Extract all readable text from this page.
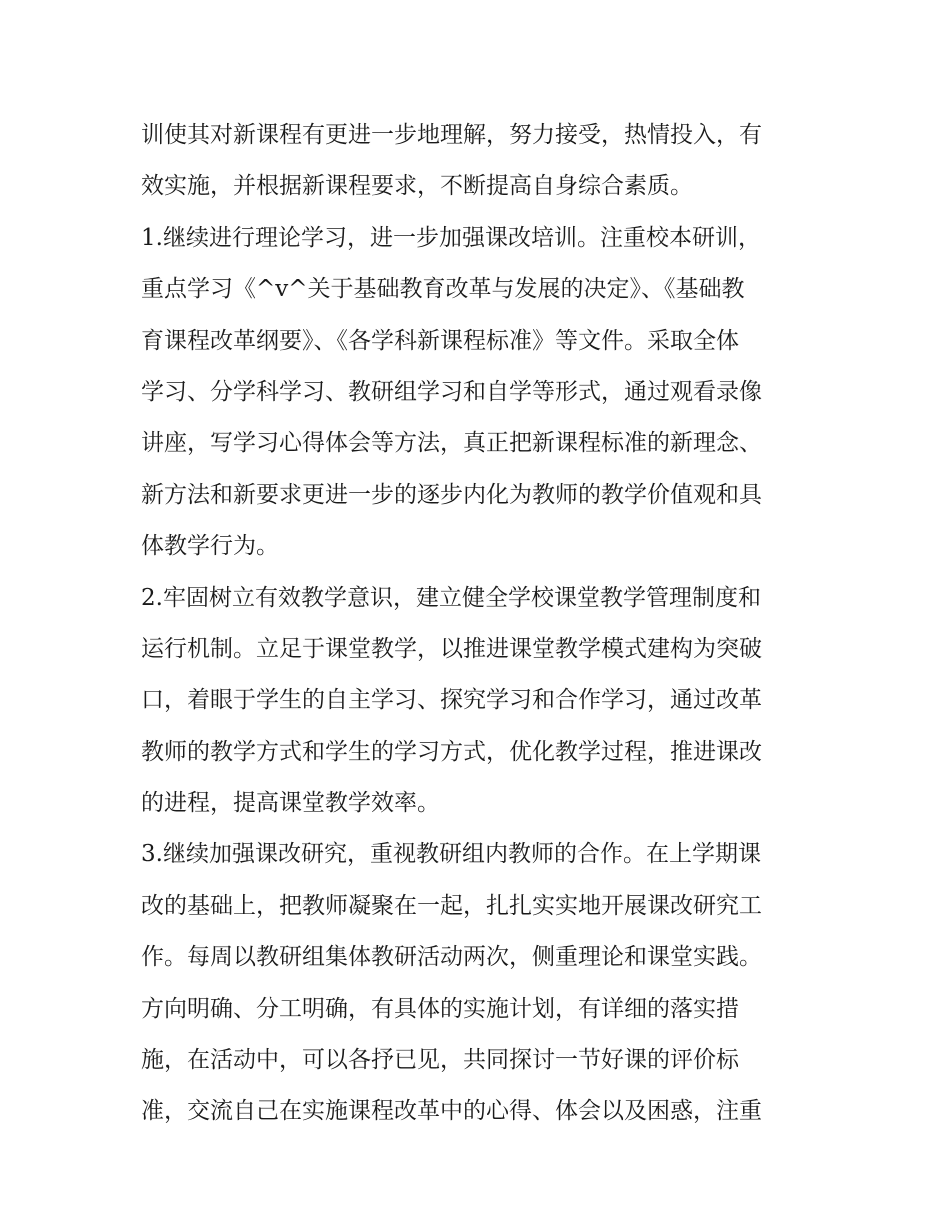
训使其对新课程有更进一步地理解，努力接受，热情投入，有
效实施，并根据新课程要求，不断提高自身综合素质。
1.继续进行理论学习，进一步加强课改培训。注重校本研训，
重点学习《^v^关于基础教育改革与发展的决定》、《基础教
育课程改革纲要》、《各学科新课程标准》等文件。采取全体
学习、分学科学习、教研组学习和自学等形式，通过观看录像
讲座，写学习心得体会等方法，真正把新课程标准的新理念、
新方法和新要求更进一步的逐步内化为教师的教学价值观和具
体教学行为。
2.牢固树立有效教学意识，建立健全学校课堂教学管理制度和
运行机制。立足于课堂教学，以推进课堂教学模式建构为突破
口，着眼于学生的自主学习、探究学习和合作学习，通过改革
教师的教学方式和学生的学习方式，优化教学过程，推进课改
的进程，提高课堂教学效率。
3.继续加强课改研究，重视教研组内教师的合作。在上学期课
改的基础上，把教师凝聚在一起，扎扎实实地开展课改研究工
作。每周以教研组集体教研活动两次，侧重理论和课堂实践。
方向明确、分工明确，有具体的实施计划，有详细的落实措
施，在活动中，可以各抒已见，共同探讨一节好课的评价标
准，交流自己在实施课程改革中的心得、体会以及困惑，注重
